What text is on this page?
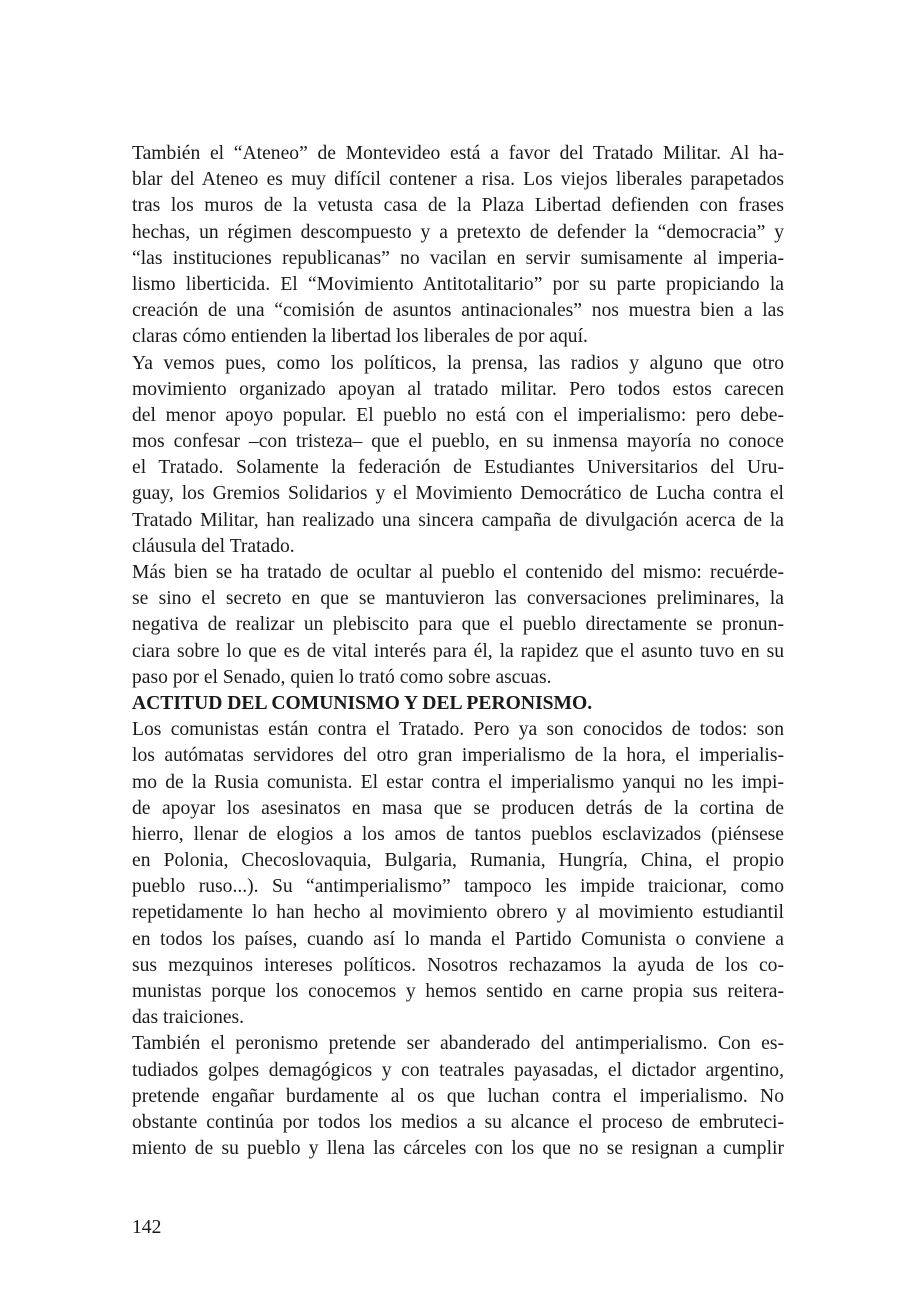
También el “Ateneo” de Montevideo está a favor del Tratado Militar. Al ha-
blar del Ateneo es muy difícil contener a risa. Los viejos liberales parapetados
tras los muros de la vetusta casa de la Plaza Libertad defienden con frases
hechas, un régimen descompuesto y a pretexto de defender la “democracia” y
“las instituciones republicanas” no vacilan en servir sumisamente al imperia-
lismo liberticida. El “Movimiento Antitotalitario” por su parte propiciando la
creación de una “comisión de asuntos antinacionales” nos muestra bien a las
claras cómo entienden la libertad los liberales de por aquí.
Ya vemos pues, como los políticos, la prensa, las radios y alguno que otro
movimiento organizado apoyan al tratado militar. Pero todos estos carecen
del menor apoyo popular. El pueblo no está con el imperialismo: pero debe-
mos confesar –con tristeza– que el pueblo, en su inmensa mayoría no conoce
el Tratado. Solamente la federación de Estudiantes Universitarios del Uru-
guay, los Gremios Solidarios y el Movimiento Democrático de Lucha contra el
Tratado Militar, han realizado una sincera campaña de divulgación acerca de la
cláusula del Tratado.
Más bien se ha tratado de ocultar al pueblo el contenido del mismo: recuérde-
se sino el secreto en que se mantuvieron las conversaciones preliminares, la
negativa de realizar un plebiscito para que el pueblo directamente se pronun-
ciara sobre lo que es de vital interés para él, la rapidez que el asunto tuvo en su
paso por el Senado, quien lo trató como sobre ascuas.
ACTITUD DEL COMUNISMO Y DEL PERONISMO.
Los comunistas están contra el Tratado. Pero ya son conocidos de todos: son
los autómatas servidores del otro gran imperialismo de la hora, el imperialis-
mo de la Rusia comunista. El estar contra el imperialismo yanqui no les impi-
de apoyar los asesinatos en masa que se producen detrás de la cortina de
hierro, llenar de elogios a los amos de tantos pueblos esclavizados (piénsese
en Polonia, Checoslovaquia, Bulgaria, Rumania, Hungría, China, el propio
pueblo ruso...). Su “antimperialismo” tampoco les impide traicionar, como
repetidamente lo han hecho al movimiento obrero y al movimiento estudiantil
en todos los países, cuando así lo manda el Partido Comunista o conviene a
sus mezquinos intereses políticos. Nosotros rechazamos la ayuda de los co-
munistas porque los conocemos y hemos sentido en carne propia sus reitera-
das traiciones.
También el peronismo pretende ser abanderado del antimperialismo. Con es-
tudiados golpes demagógicos y con teatrales payasadas, el dictador argentino,
pretende engañar burdamente al os que luchan contra el imperialismo. No
obstante continúa por todos los medios a su alcance el proceso de embruteci-
miento de su pueblo y llena las cárceles con los que no se resignan a cumplir
142
